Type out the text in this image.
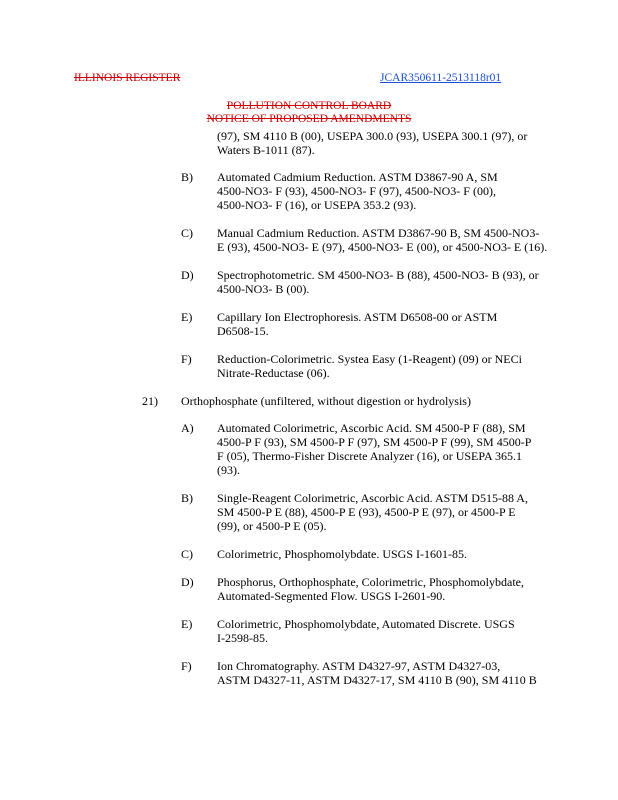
ILLINOIS REGISTER	JCAR350611-2513118r01
POLLUTION CONTROL BOARD
NOTICE OF PROPOSED AMENDMENTS
(97), SM 4110 B (00), USEPA 300.0 (93), USEPA 300.1 (97), or
Waters B-1011 (87).
B) Automated Cadmium Reduction. ASTM D3867-90 A, SM
4500-NO3- F (93), 4500-NO3- F (97), 4500-NO3- F (00),
4500-NO3- F (16), or USEPA 353.2 (93).
C) Manual Cadmium Reduction. ASTM D3867-90 B, SM 4500-NO3-
E (93), 4500-NO3- E (97), 4500-NO3- E (00), or 4500-NO3- E (16).
D) Spectrophotometric. SM 4500-NO3- B (88), 4500-NO3- B (93), or
4500-NO3- B (00).
E) Capillary Ion Electrophoresis. ASTM D6508-00 or ASTM
D6508-15.
F) Reduction-Colorimetric. Systea Easy (1-Reagent) (09) or NECi
Nitrate-Reductase (06).
21) Orthophosphate (unfiltered, without digestion or hydrolysis)
A) Automated Colorimetric, Ascorbic Acid. SM 4500-P F (88), SM
4500-P F (93), SM 4500-P F (97), SM 4500-P F (99), SM 4500-P
F (05), Thermo-Fisher Discrete Analyzer (16), or USEPA 365.1
(93).
B) Single-Reagent Colorimetric, Ascorbic Acid. ASTM D515-88 A,
SM 4500-P E (88), 4500-P E (93), 4500-P E (97), or 4500-P E
(99), or 4500-P E (05).
C) Colorimetric, Phosphomolybdate. USGS I-1601-85.
D) Phosphorus, Orthophosphate, Colorimetric, Phosphomolybdate,
Automated-Segmented Flow. USGS I-2601-90.
E) Colorimetric, Phosphomolybdate, Automated Discrete. USGS
I-2598-85.
F) Ion Chromatography. ASTM D4327-97, ASTM D4327-03,
ASTM D4327-11, ASTM D4327-17, SM 4110 B (90), SM 4110 B
